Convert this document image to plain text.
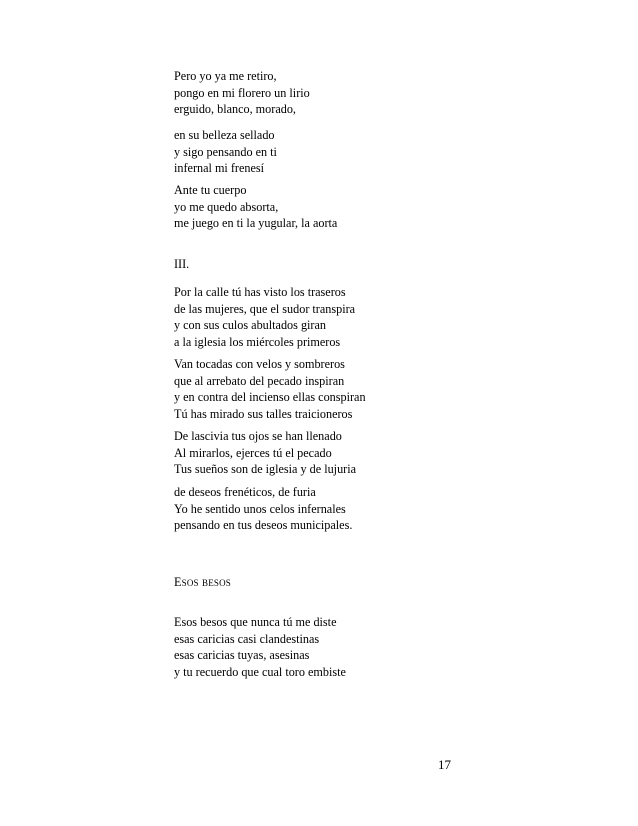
Pero yo ya me retiro,
pongo en mi florero un lirio
erguido, blanco, morado,
en su belleza sellado
y sigo pensando en ti
infernal mi frenesí
Ante tu cuerpo
yo me quedo absorta,
me juego en ti la yugular, la aorta
III.
Por la calle tú has visto los traseros
de las mujeres, que el sudor transpira
y con sus culos abultados giran
a la iglesia los miércoles primeros
Van tocadas con velos y sombreros
que al arrebato del pecado inspiran
y en contra del incienso ellas conspiran
Tú has mirado sus talles traicioneros
De lascivia tus ojos se han llenado
Al mirarlos, ejerces tú el pecado
Tus sueños son de iglesia y de lujuria
de deseos frenéticos, de furia
Yo he sentido unos celos infernales
pensando en tus deseos municipales.
Esos besos
Esos besos que nunca tú me diste
esas caricias casi clandestinas
esas caricias tuyas, asesinas
y tu recuerdo que cual toro embiste
17
